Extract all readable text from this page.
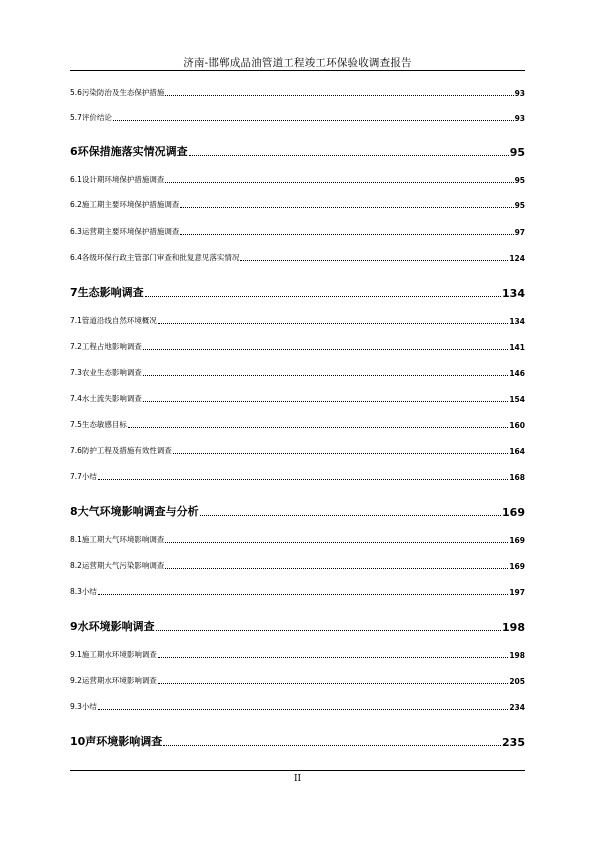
济南-邯郸成品油管道工程竣工环保验收调查报告
5.6污染防治及生态保护措施	93
5.7评价结论	93
6环保措施落实情况调查	95
6.1设计期环境保护措施调查	95
6.2施工期主要环境保护措施调查	95
6.3运营期主要环境保护措施调查	97
6.4各级环保行政主管部门审查和批复意见落实情况	124
7生态影响调查	134
7.1管道沿线自然环境概况	134
7.2工程占地影响调查	141
7.3农业生态影响调查	146
7.4水土流失影响调查	154
7.5生态敏感目标	160
7.6防护工程及措施有效性调查	164
7.7小结	168
8大气环境影响调查与分析	169
8.1施工期大气环境影响调查	169
8.2运营期大气污染影响调查	169
8.3小结	197
9水环境影响调查	198
9.1施工期水环境影响调查	198
9.2运营期水环境影响调查	205
9.3小结	234
10声环境影响调查	235
II
